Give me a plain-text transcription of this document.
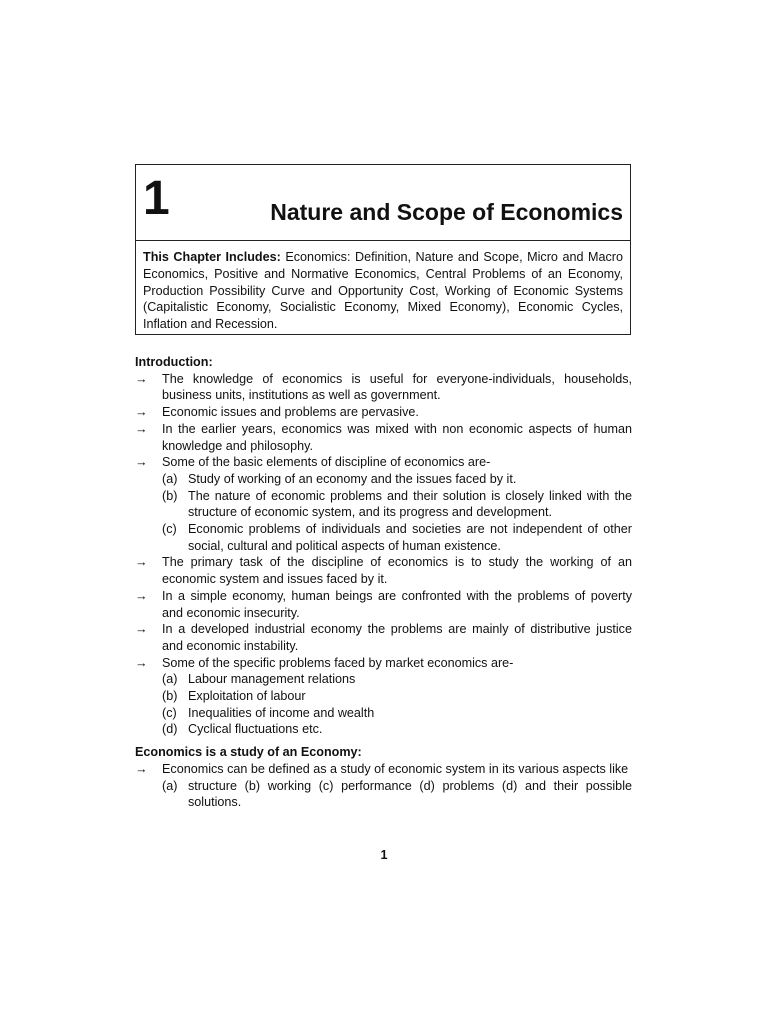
1	Nature and Scope of Economics
This Chapter Includes: Economics: Definition, Nature and Scope, Micro and Macro Economics, Positive and Normative Economics, Central Problems of an Economy, Production Possibility Curve and Opportunity Cost, Working of Economic Systems (Capitalistic Economy, Socialistic Economy, Mixed Economy), Economic Cycles, Inflation and Recession.

Introduction:

→ The knowledge of economics is useful for everyone-individuals, households, business units, institutions as well as government.
→ Economic issues and problems are pervasive.
→ In the earlier years, economics was mixed with non economic aspects of human knowledge and philosophy.
→ Some of the basic elements of discipline of economics are-
(a) Study of working of an economy and the issues faced by it.
(b) The nature of economic problems and their solution is closely linked with the structure of economic system, and its progress and development.
(c) Economic problems of individuals and societies are not independent of other social, cultural and political aspects of human existence.
→ The primary task of the discipline of economics is to study the working of an economic system and issues faced by it.
→ In a simple economy, human beings are confronted with the problems of poverty and economic insecurity.
→ In a developed industrial economy the problems are mainly of distributive justice and economic instability.
→ Some of the specific problems faced by market economics are-
(a) Labour management relations
(b) Exploitation of labour
(c) Inequalities of income and wealth
(d) Cyclical fluctuations etc.

Economics is a study of an Economy:

→ Economics can be defined as a study of economic system in its various aspects like
(a) structure (b) working (c) performance (d) problems (d) and their possible solutions.
1
